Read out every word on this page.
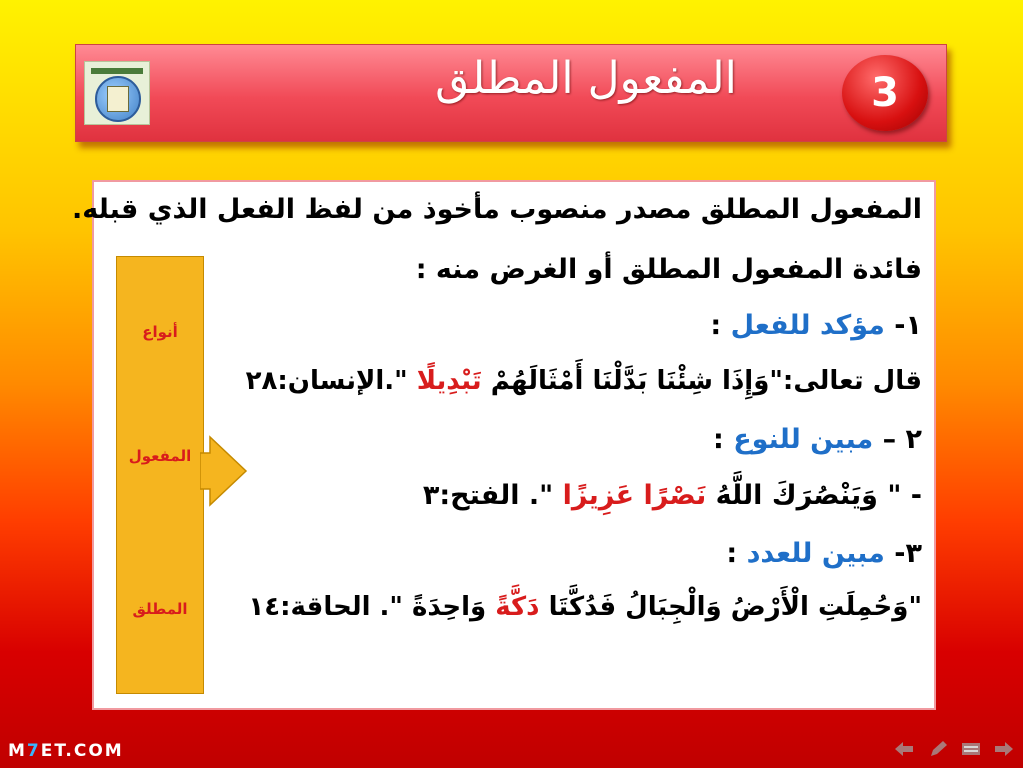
المفعول المطلق	3
المفعول المطلق مصدر منصوب مأخوذ من لفظ الفعل الذي قبله.
فائدة المفعول المطلق أو الغرض منه :
١- مؤكد للفعل :
قال تعالى:"وَإِذَا شِئْنَا بَدَّلْنَا أَمْثَالَهُمْ تَبْدِيلًا ".الإنسان:٢٨
٢ – مبين للنوع :
- " وَيَنْصُرَكَ اللَّهُ نَصْرًا عَزِيزًا ". الفتح:٣
٣- مبين للعدد :
"وَحُمِلَتِ الْأَرْضُ وَالْجِبَالُ فَدُكَّتَا دَكَّةً وَاحِدَةً ". الحاقة:١٤
أنواع
المفعول
المطلق
M7ET.COM
